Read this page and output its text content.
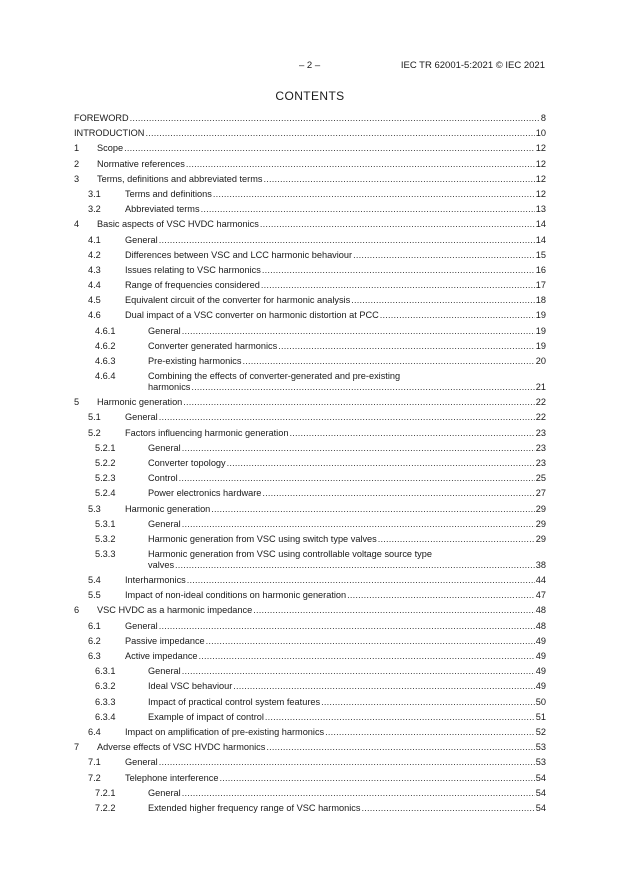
– 2 –	IEC TR 62001-5:2021 © IEC 2021
CONTENTS
FOREWORD .....	8
INTRODUCTION .....	10
1 Scope .....	12
2 Normative references .....	12
3 Terms, definitions and abbreviated terms .....	12
3.1	Terms and definitions .....	12
3.2	Abbreviated terms .....	13
4 Basic aspects of VSC HVDC harmonics .....	14
4.1	General .....	14
4.2	Differences between VSC and LCC harmonic behaviour .....	15
4.3	Issues relating to VSC harmonics .....	16
4.4	Range of frequencies considered .....	17
4.5	Equivalent circuit of the converter for harmonic analysis .....	18
4.6	Dual impact of a VSC converter on harmonic distortion at PCC .....	19
4.6.1	General .....	19
4.6.2	Converter generated harmonics .....	19
4.6.3	Pre-existing harmonics .....	20
4.6.4	Combining the effects of converter-generated and pre-existing
harmonics .....	21
5 Harmonic generation .....	22
5.1	General .....	22
5.2	Factors influencing harmonic generation .....	23
5.2.1	General .....	23
5.2.2	Converter topology .....	23
5.2.3	Control .....	25
5.2.4	Power electronics hardware .....	27
5.3	Harmonic generation .....	29
5.3.1	General .....	29
5.3.2	Harmonic generation from VSC using switch type valves .....	29
5.3.3	Harmonic generation from VSC using controllable voltage source type
valves .....	38
5.4	Interharmonics .....	44
5.5	Impact of non-ideal conditions on harmonic generation .....	47
6 VSC HVDC as a harmonic impedance .....	48
6.1	General .....	48
6.2	Passive impedance .....	49
6.3	Active impedance .....	49
6.3.1	General .....	49
6.3.2	Ideal VSC behaviour .....	49
6.3.3	Impact of practical control system features .....	50
6.3.4	Example of impact of control .....	51
6.4	Impact on amplification of pre-existing harmonics .....	52
7 Adverse effects of VSC HVDC harmonics .....	53
7.1	General .....	53
7.2	Telephone interference .....	54
7.2.1	General .....	54
7.2.2	Extended higher frequency range of VSC harmonics .....	54
